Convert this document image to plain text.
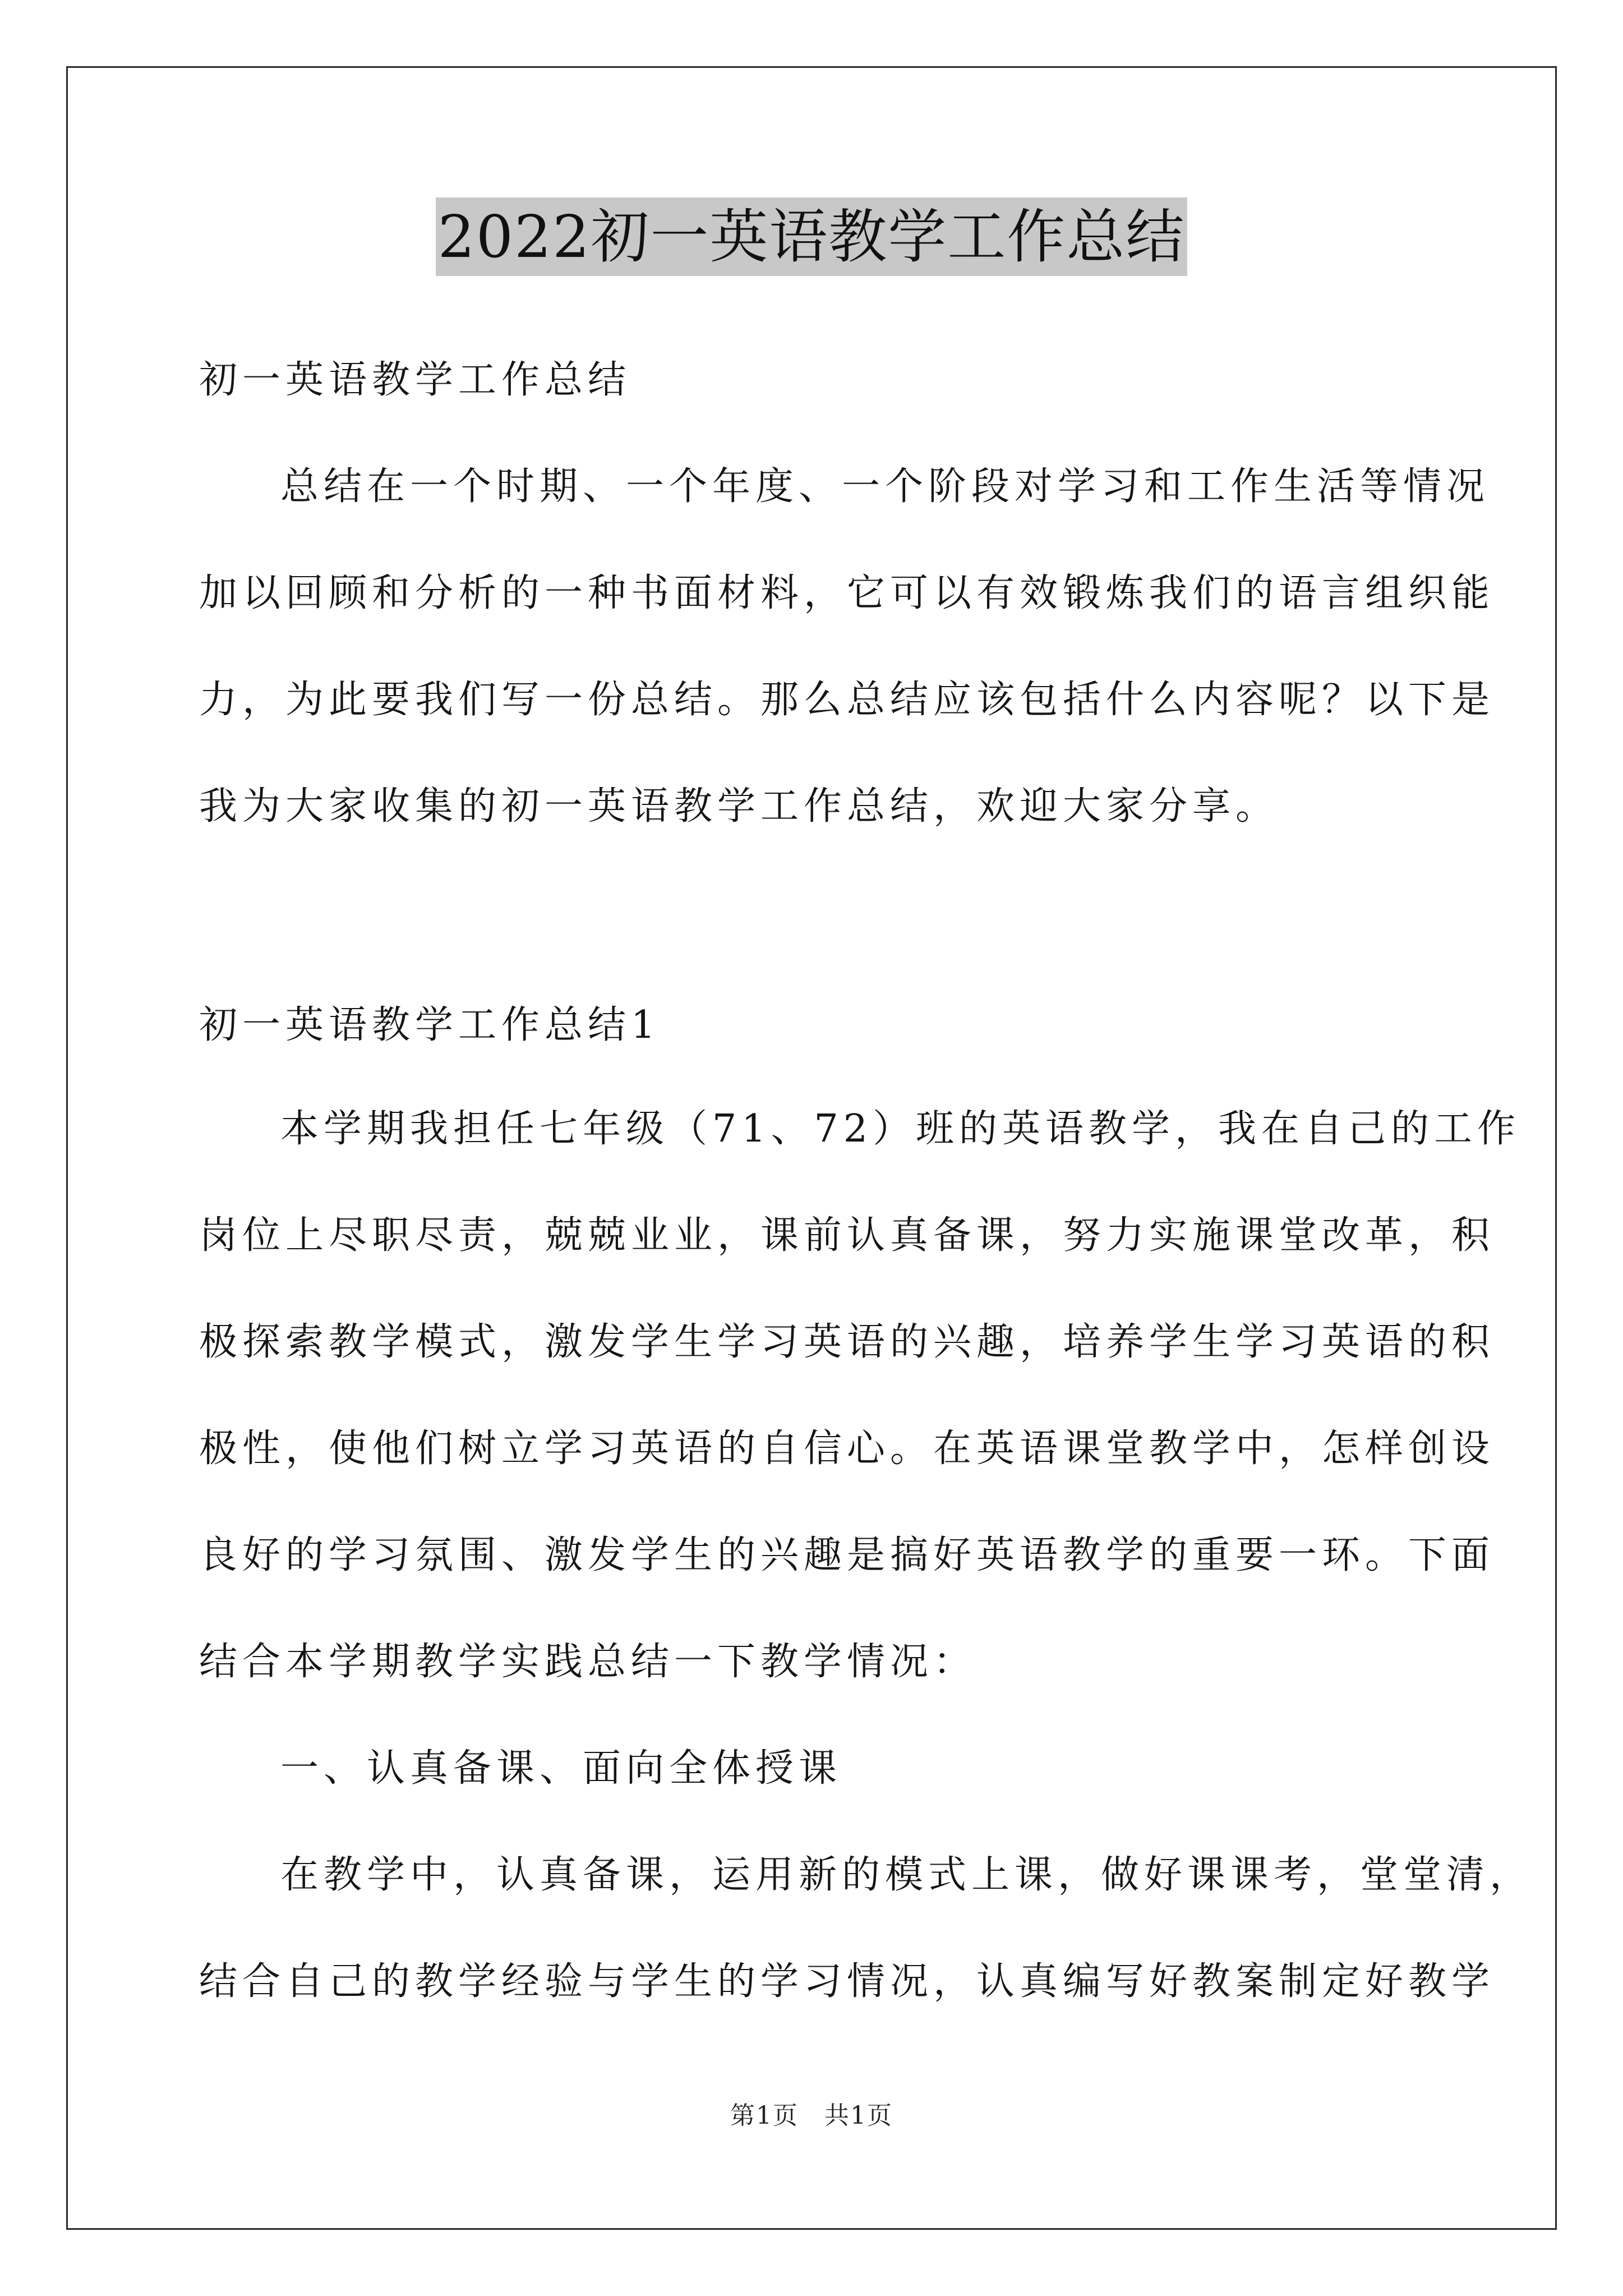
2022初一英语教学工作总结
初一英语教学工作总结
总结在一个时期、一个年度、一个阶段对学习和工作生活等情况
加以回顾和分析的一种书面材料，它可以有效锻炼我们的语言组织能
力，为此要我们写一份总结。那么总结应该包括什么内容呢？以下是
我为大家收集的初一英语教学工作总结，欢迎大家分享。
初一英语教学工作总结1
本学期我担任七年级（71、72）班的英语教学，我在自己的工作
岗位上尽职尽责，兢兢业业，课前认真备课，努力实施课堂改革，积
极探索教学模式，激发学生学习英语的兴趣，培养学生学习英语的积
极性，使他们树立学习英语的自信心。在英语课堂教学中，怎样创设
良好的学习氛围、激发学生的兴趣是搞好英语教学的重要一环。下面
结合本学期教学实践总结一下教学情况：
一、认真备课、面向全体授课
在教学中，认真备课，运用新的模式上课，做好课课考，堂堂清，
结合自己的教学经验与学生的学习情况，认真编写好教案制定好教学
第1页　共1页
